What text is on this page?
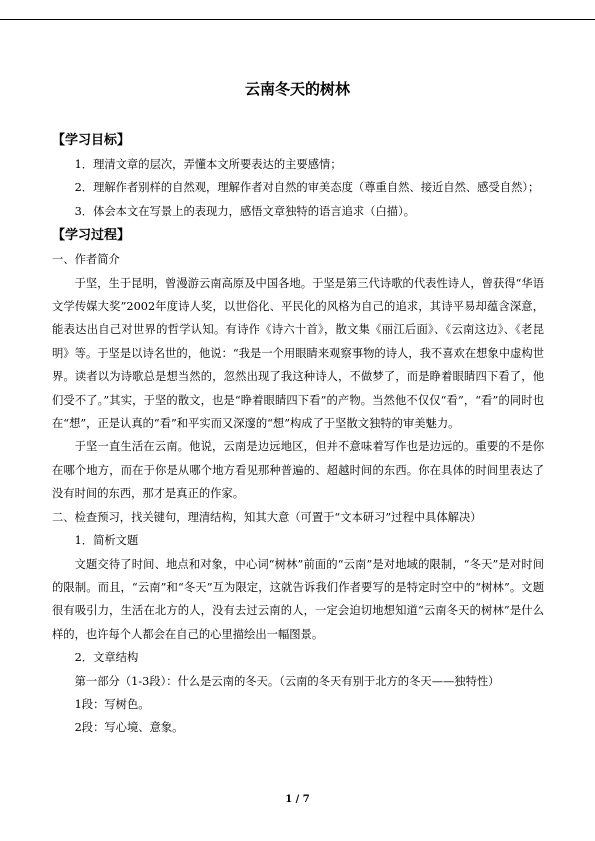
云南冬天的树林
【学习目标】

1．理清文章的层次，弄懂本文所要表达的主要感情；

2．理解作者别样的自然观，理解作者对自然的审美态度（尊重自然、接近自然、感受自然）；

3．体会本文在写景上的表现力，感悟文章独特的语言追求（白描）。

【学习过程】

一、作者简介

于坚，生于昆明，曾漫游云南高原及中国各地。于坚是第三代诗歌的代表性诗人，曾获得“华语文学传媒大奖”2002年度诗人奖，以世俗化、平民化的风格为自己的追求，其诗平易却蕴含深意，能表达出自己对世界的哲学认知。有诗作《诗六十首》，散文集《丽江后面》、《云南这边》、《老昆明》等。于坚是以诗名世的，他说：“我是一个用眼睛来观察事物的诗人，我不喜欢在想象中虚构世界。读者以为诗歌总是想当然的，忽然出现了我这种诗人，不做梦了，而是睁着眼睛四下看了，他们受不了。”其实，于坚的散文，也是“睁着眼睛四下看”的产物。当然他不仅仅“看”，“看”的同时也在“想”，正是认真的“看”和平实而又深邃的“想”构成了于坚散文独特的审美魅力。

于坚一直生活在云南。他说，云南是边远地区，但并不意味着写作也是边远的。重要的不是你在哪个地方，而在于你是从哪个地方看见那种普遍的、超越时间的东西。你在具体的时间里表达了没有时间的东西，那才是真正的作家。

二、检查预习，找关键句，理清结构，知其大意（可置于“文本研习”过程中具体解决）

1．简析文题

文题交待了时间、地点和对象，中心词“树林”前面的“云南”是对地域的限制，“冬天”是对时间的限制。而且，“云南”和“冬天”互为限定，这就告诉我们作者要写的是特定时空中的“树林”。文题很有吸引力，生活在北方的人，没有去过云南的人，一定会迫切地想知道“云南冬天的树林”是什么样的，也许每个人都会在自己的心里描绘出一幅图景。

2．文章结构

第一部分（1-3段）：什么是云南的冬天。（云南的冬天有别于北方的冬天——独特性）

1段：写树色。

2段：写心境、意象。

1 / 7
